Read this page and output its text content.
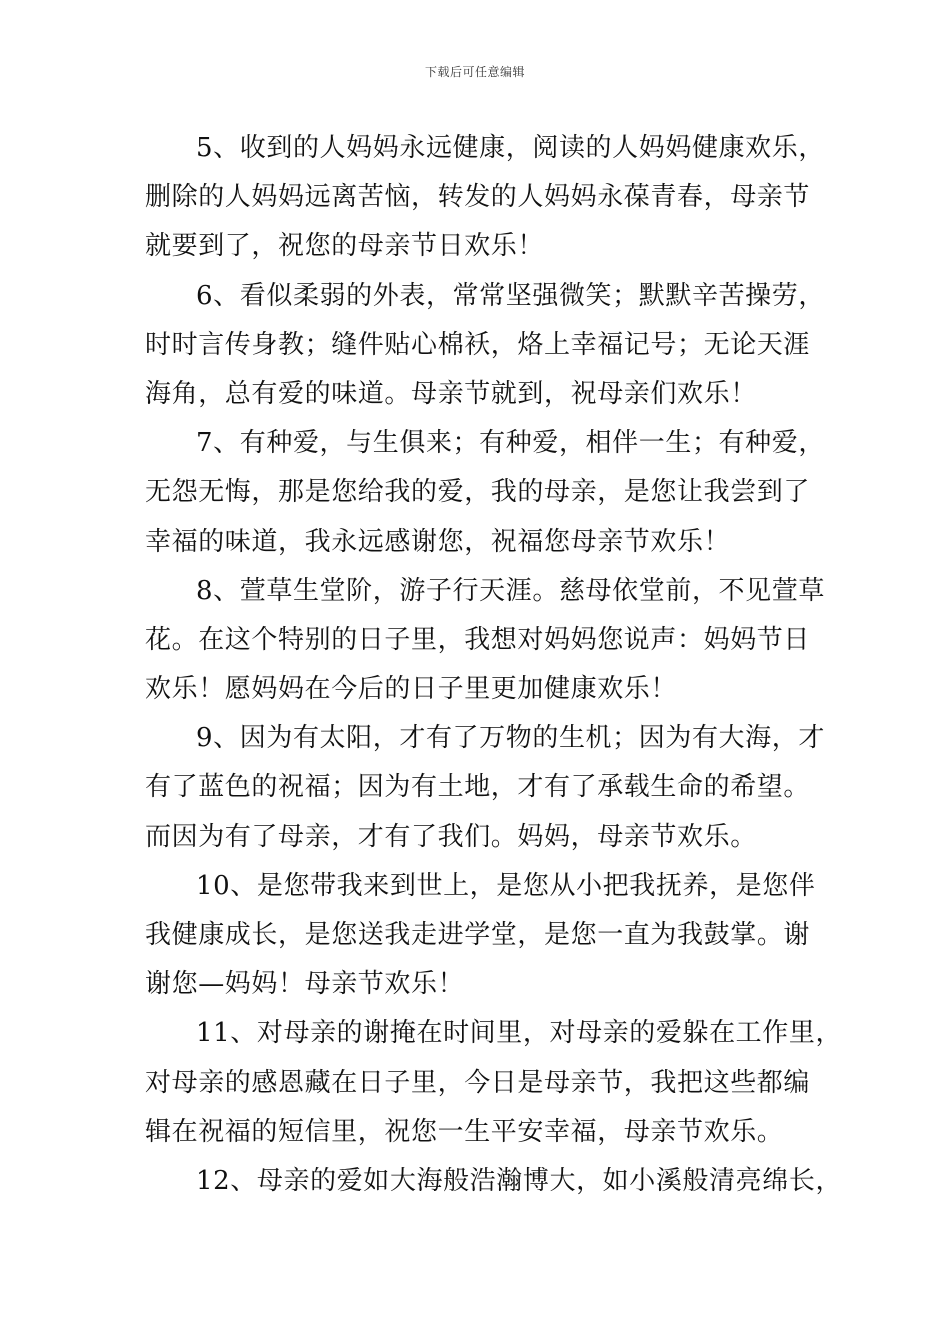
下载后可任意编辑
5、收到的人妈妈永远健康，阅读的人妈妈健康欢乐，
删除的人妈妈远离苦恼，转发的人妈妈永葆青春，母亲节
就要到了，祝您的母亲节日欢乐！
6、看似柔弱的外表，常常坚强微笑；默默辛苦操劳，
时时言传身教；缝件贴心棉袄，烙上幸福记号；无论天涯
海角，总有爱的味道。母亲节就到，祝母亲们欢乐！
7、有种爱，与生俱来；有种爱，相伴一生；有种爱，
无怨无悔，那是您给我的爱，我的母亲，是您让我尝到了
幸福的味道，我永远感谢您，祝福您母亲节欢乐！
8、萱草生堂阶，游子行天涯。慈母依堂前，不见萱草
花。在这个特别的日子里，我想对妈妈您说声：妈妈节日
欢乐！愿妈妈在今后的日子里更加健康欢乐！
9、因为有太阳，才有了万物的生机；因为有大海，才
有了蓝色的祝福；因为有土地，才有了承载生命的希望。
而因为有了母亲，才有了我们。妈妈，母亲节欢乐。
10、是您带我来到世上，是您从小把我抚养，是您伴
我健康成长，是您送我走进学堂，是您一直为我鼓掌。谢
谢您—妈妈！母亲节欢乐！
11、对母亲的谢掩在时间里，对母亲的爱躲在工作里，
对母亲的感恩藏在日子里，今日是母亲节，我把这些都编
辑在祝福的短信里，祝您一生平安幸福，母亲节欢乐。
12、母亲的爱如大海般浩瀚博大，如小溪般清亮绵长，
